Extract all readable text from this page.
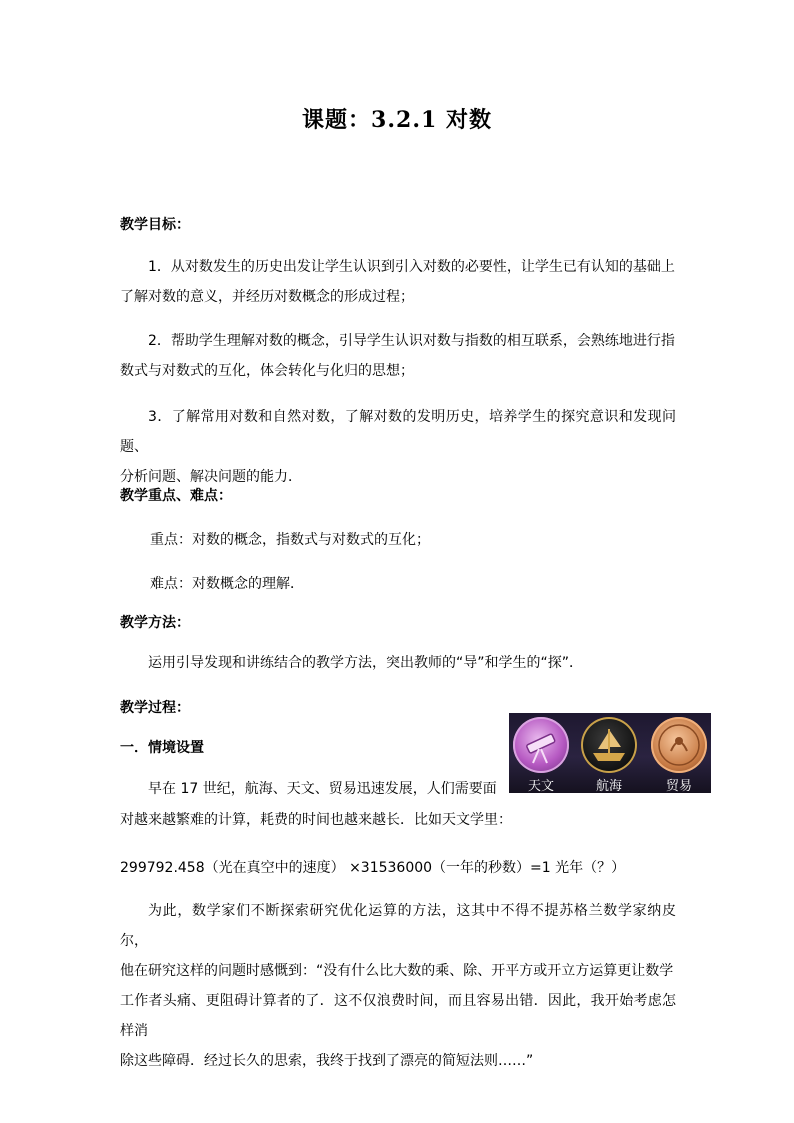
课题：3.2.1 对数
教学目标：
1．从对数发生的历史出发让学生认识到引入对数的必要性，让学生已有认知的基础上
了解对数的意义，并经历对数概念的形成过程；
2．帮助学生理解对数的概念，引导学生认识对数与指数的相互联系，会熟练地进行指
数式与对数式的互化，体会转化与化归的思想；
3．了解常用对数和自然对数，了解对数的发明历史，培养学生的探究意识和发现问题、
分析问题、解决问题的能力．
教学重点、难点：
重点：对数的概念，指数式与对数式的互化；
难点：对数概念的理解．
教学方法：
运用引导发现和讲练结合的教学方法，突出教师的“导”和学生的“探”．
教学过程：
一．情境设置
早在 17 世纪，航海、天文、贸易迅速发展，人们需要面
对越来越繁难的计算，耗费的时间也越来越长．比如天文学里：
299792.458（光在真空中的速度） ×31536000（一年的秒数）=1 光年（？）
为此，数学家们不断探索研究优化运算的方法，这其中不得不提苏格兰数学家纳皮尔，
他在研究这样的问题时感慨到：“没有什么比大数的乘、除、开平方或开立方运算更让数学
工作者头痛、更阻碍计算者的了．这不仅浪费时间，而且容易出错．因此，我开始考虑怎样消
除这些障碍．经过长久的思索，我终于找到了漂亮的简短法则……”
天文	航海	贸易
